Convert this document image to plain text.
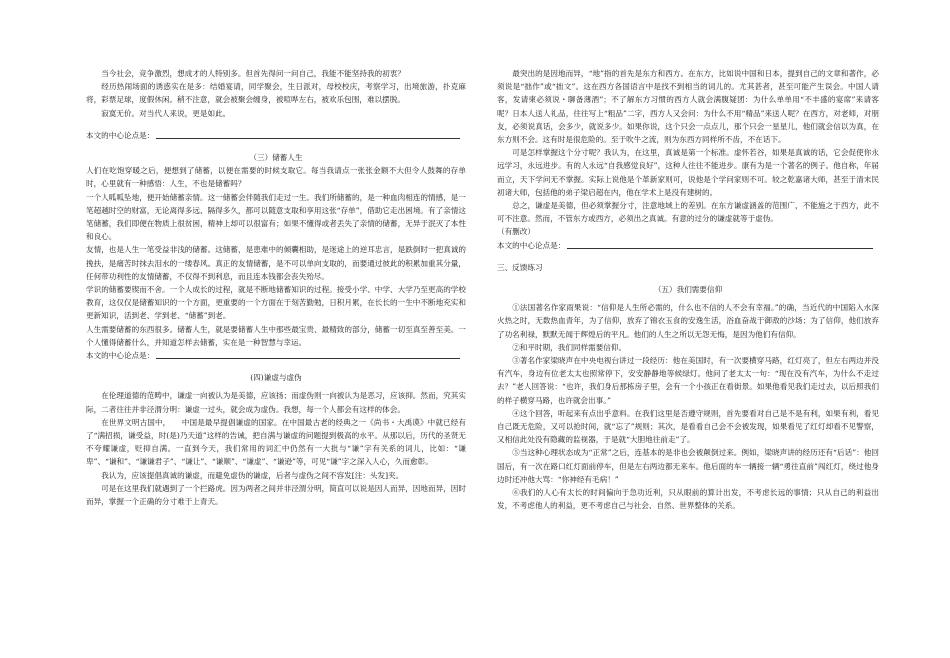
当今社会，竞争激烈，想成才的人特别多。但首先得问一问自己，我能不能坚持我的初衷？

经历热闹场面的诱惑实在是多：结婚宴请，同学聚会，生日派对，母校校庆，考察学习，出境旅游，扑克麻将，彩票足球，度假休闲。稍不注意，就会被聚会缠身，被喧哗左右，被欢乐包围，难以摆脱。

寂寞无价。对当代人来说，更是如此。

本文的中心论点是：

（三）储蓄人生

人们在吃饱穿暖之后，便想到了储蓄，以便在需要的时候支取它。每当我请点一张张金额不大但令人鼓舞的存单时，心里就有一种感悟：人生，不也是储蓄吗？

一个人呱呱坠地，便开始储蓄亲情。这一储蓄会伴随我们走过一生。我们所储蓄的，是一种血肉相连的情感，是一笔超越时空的财富，无论离得多远、隔得多久，都可以随意支取和享用这张“存单”，借助它走出困境。有了亲情这笔储蓄，我们即便在物质上很贫困，精神上却可以很富有；如果不懂得或者丢失了亲情的储蓄，无异于泯灭了本性和良心。

友情，也是人生一笔受益非浅的储蓄。这储蓄，是患难中的倾囊相助，是迷途上的逆耳忠言，是跌倒时一把真诚的挽扶，是痛苦时抹去泪水的一缕春风。真正的友情储蓄，是不可以单向支取的，而要通过彼此的积累加重其分量，任何带功利性的友情储蓄，不仅得不到利息，而且连本钱都会丧失殆尽。

学识的储蓄要锲而不舍。一个人成长的过程，就是不断地储蓄知识的过程。接受小学、中学、大学乃至更高的学校教育，这仅仅是储蓄知识的一个方面，更重要的一个方面在于刻苦勤勉，日积月累，在长长的一生中不断地充实和更新知识，活到老、学到老、“储蓄”到老。

人生需要储蓄的东西很多。储蓄人生，就是要储蓄人生中那些最宝贵、最精致的部分，储蓄一切至真至善至美。一个人懂得储蓄什么，并知道怎样去储蓄，实在是一种智慧与幸运。

本文的中心论点是：

(四)谦虚与虚伪

在伦理道德的范畴中，谦虚一向被认为是美德，应该扬；而虚伪则一向被认为是恶习，应该抑。然而，究其实际，二者往往并非泾渭分明：谦虚一过头，就会成为虚伪。我想，每一个人都会有这样的体会。

在世界文明古国中，　　中国是最早提倡谦虚的国家。在中国最古老的经典之一《尚书・大禹谟》中就已经有了“满招损，谦受益，时(是)乃天道”这样的告诫，把自满与谦虚的问题提到极高的水平。从那以后，历代的圣贤无不夸耀谦虚，贬抑自满。一直到今天，我们常用的词汇中仍然有一大批与“谦”字有关系的词儿，比如：“谦卑”、“谦和”、“谦谦君子”、“谦让”、“谦顺”、“谦虚”、“谦逊”等，可见“谦”字之深入人心，久而愈彰。

我认为，应该提倡真诚的谦虚，而避免虚伪的谦虚，后者与虚伪之间不容发[注：头发]夹。

可是在这里我们就遇到了一个拦路虎。因为两者之间并非泾渭分明，简直可以说是因人而异，因地而异，因时而异，掌握一个正确的分寸难于上青天。

最突出的是因地而异，“地”指的首先是东方和西方。在东方，比如说中国和日本，提到自己的文章和著作，必须说是“拙作”或“拙文”。这在西方各国语言中是找不到相当的词儿的。尤其甚者，甚至可能产生误会。中国人请客，发请柬必须说・聊备薄酒”；不了解东方习惯的西方人就会满腹疑团：为什么单单用“不丰盛的宴席”来请客呢？日本人送人礼品，往往写上“粗品”二字，西方人又会问：为什么不用“精品”来送人呢？在西方，对老师，对朋友，必须说真话，会多少，就说多少。如果你说，这个只会一点点儿，那个只会一星星儿，他们就会信以为真，在东方则不会。这有时是很危险的。至于吹牛之流，则为东西方同样所不齿，不在话下。

可是怎样掌握这个分寸呢？我认为，在这里，真诚是第一个标准。虚怀若谷，如果是真诚的话，它会促使你永远学习，永远进步。有的人永远“自我感觉良好”，这种人往往不能进步。康有为是一个著名的例子。他自称，年届而立，天下学问无不掌握。实际上说他是个革新家则可，说他是个学问家则不可。较之乾嘉诸大师，甚至于清末民初诸大师，包括他的弟子梁启超在内，他在学术上是没有建树的。

总之，谦虚是美德，但必须掌握分寸，注意地域上的差别。在东方谦虚涵盖的范围广，不能施之于西方，此不可不注意。然而，不管东方或西方，必须出之真诚。有意的过分的谦虚就等于虚伪。

（有删改）

本文的中心论点是：

三、反馈练习

（五）我们需要信仰

①法国著名作家雨果说：“信仰是人生所必需的，什么也不信的人不会有幸福。”的确，当近代的中国陷入水深火热之时，无数热血青年，为了信仰，放弃了锦衣玉食的安逸生活，浴血奋战于御敌的沙场；为了信仰，他们放弃了功名利禄，默默无闻于辉煌后的平凡。他们的人生之所以无怨无悔，是因为他们有信仰。

②和平时期，我们同样需要信仰。

③著名作家梁晓声在中央电视台讲过一段经历：他在美国时，有一次要横穿马路，红灯亮了，但左右两边并没有汽车，身边有位老太太也照常停下，安安静静地等候绿灯。他问了老太太一句：“现在没有汽车，为什么不走过去？”老人回答说：“也许，我们身后那栋房子里，会有一个小孩正在看街景。如果他看见我们走过去，以后照我们的样子横穿马路，也许就会出事。”

④这个回答，听起来有点出乎意料。在我们这里是否遵守规则，首先要看对自己是不是有利，如果有利，看见自己既无危险，又可以抢时间，就“忘了”规则；其次，是看看自己会不会被发现，如果看见了红灯却看不见警察，又相信此处没有隐藏的监视器，于是就“大胆地往前走”了。

⑤当这种心理状态成为“正常”之后，连基本的是非也会被颠倒过来。例如，梁晓声讲的经历还有“后话”：他回国后，有一次在路口红灯面前停车，但是左右两边都无来车。他后面的车一辆接一辆“勇往直前”闯红灯，绕过他身边时还冲他大骂：“你神经有毛病！”

⑥我们的人心有太长的时间偏向于急功近利，只从眼前的算计出发，不考虑长远的事情；只从自己的利益出发，不考虑他人的利益，更不考虑自己与社会、自然、世界整体的关系。
